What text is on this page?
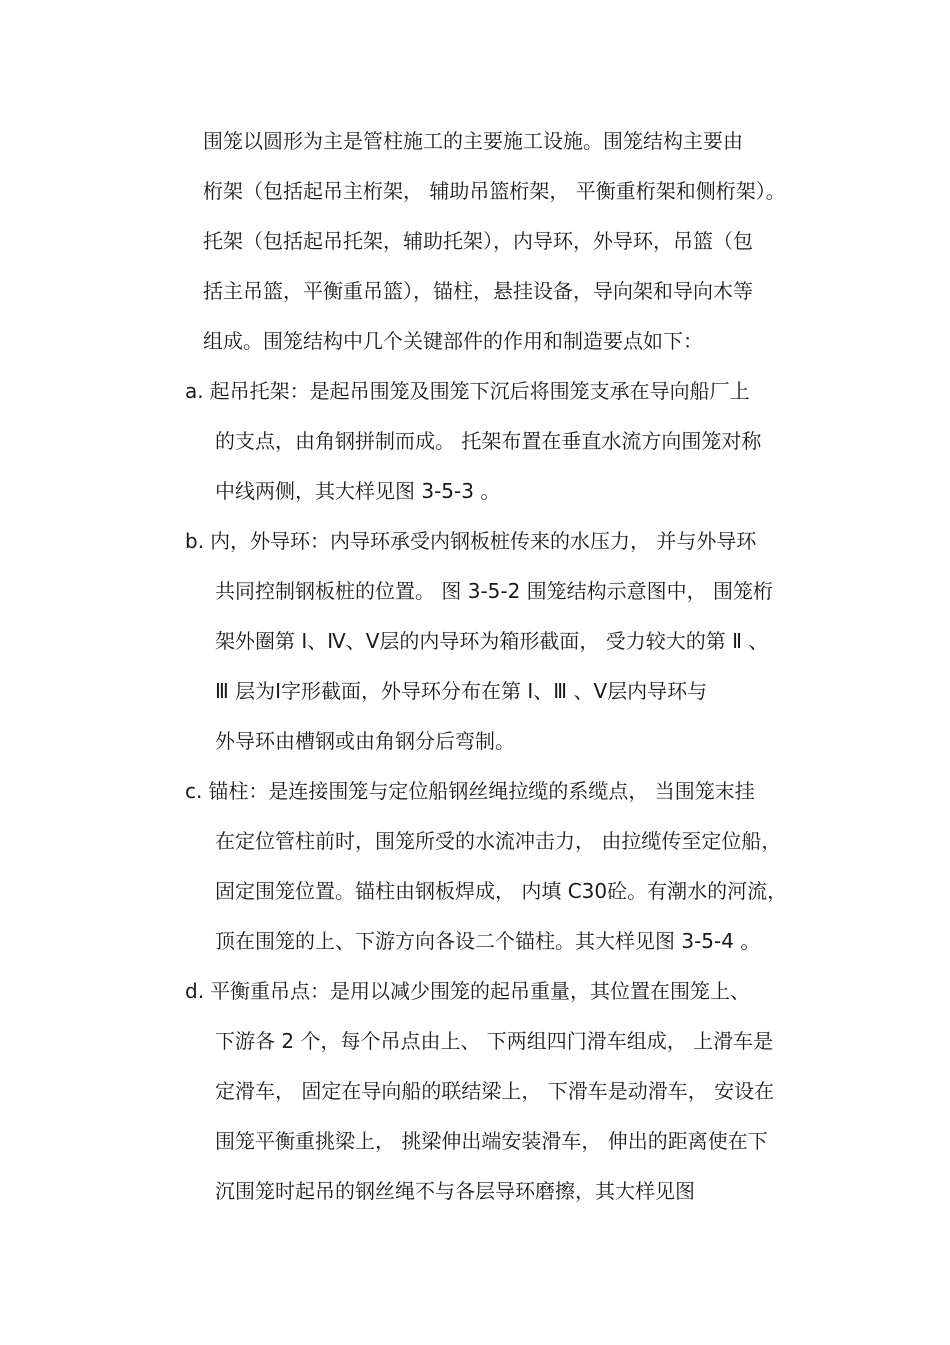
围笼以圆形为主是管柱施工的主要施工设施。围笼结构主要由
桁架（包括起吊主桁架， 辅助吊篮桁架， 平衡重桁架和侧桁架）。
托架（包括起吊托架，辅助托架），内导环，外导环，吊篮（包
括主吊篮，平衡重吊篮），锚柱，悬挂设备，导向架和导向木等
组成。围笼结构中几个关键部件的作用和制造要点如下：
a. 起吊托架：是起吊围笼及围笼下沉后将围笼支承在导向船厂上
的支点，由角钢拼制而成。 托架布置在垂直水流方向围笼对称
中线两侧，其大样见图 3-5-3 。
b. 内，外导环：内导环承受内钢板桩传来的水压力， 并与外导环
共同控制钢板桩的位置。 图 3-5-2 围笼结构示意图中， 围笼桁
架外圈第 Ⅰ、Ⅳ、Ⅴ层的内导环为箱形截面， 受力较大的第 Ⅱ 、
Ⅲ 层为Ⅰ字形截面，外导环分布在第 Ⅰ、Ⅲ 、Ⅴ层内导环与
外导环由槽钢或由角钢分后弯制。
c. 锚柱：是连接围笼与定位船钢丝绳拉缆的系缆点， 当围笼末挂
在定位管柱前时，围笼所受的水流冲击力， 由拉缆传至定位船，
固定围笼位置。锚柱由钢板焊成， 内填 C30砼。有潮水的河流，
顶在围笼的上、下游方向各设二个锚柱。其大样见图 3-5-4 。
d. 平衡重吊点：是用以减少围笼的起吊重量，其位置在围笼上、
下游各 2 个，每个吊点由上、 下两组四门滑车组成， 上滑车是
定滑车， 固定在导向船的联结梁上， 下滑车是动滑车， 安设在
围笼平衡重挑梁上， 挑梁伸出端安装滑车， 伸出的距离使在下
沉围笼时起吊的钢丝绳不与各层导环磨擦，其大样见图
